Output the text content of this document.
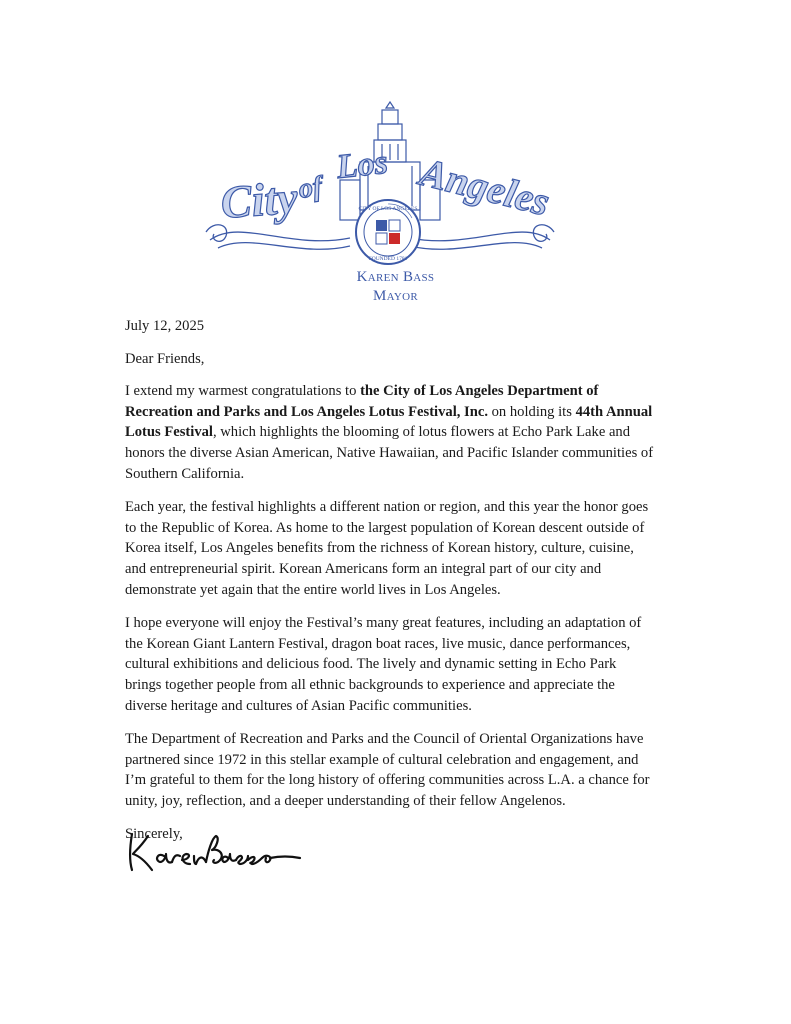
City
of
Los Angeles
CITY OF LOS ANGELES
FOUNDED 1781
Karen Bass
Mayor

July 12, 2025

Dear Friends,

I extend my warmest congratulations to the City of Los Angeles Department of Recreation and Parks and Los Angeles Lotus Festival, Inc. on holding its 44th Annual Lotus Festival, which highlights the blooming of lotus flowers at Echo Park Lake and honors the diverse Asian American, Native Hawaiian, and Pacific Islander communities of Southern California.

Each year, the festival highlights a different nation or region, and this year the honor goes to the Republic of Korea. As home to the largest population of Korean descent outside of Korea itself, Los Angeles benefits from the richness of Korean history, culture, cuisine, and entrepreneurial spirit. Korean Americans form an integral part of our city and demonstrate yet again that the entire world lives in Los Angeles.

I hope everyone will enjoy the Festival’s many great features, including an adaptation of the Korean Giant Lantern Festival, dragon boat races, live music, dance performances, cultural exhibitions and delicious food. The lively and dynamic setting in Echo Park brings together people from all ethnic backgrounds to experience and appreciate the diverse heritage and cultures of Asian Pacific communities.

The Department of Recreation and Parks and the Council of Oriental Organizations have partnered since 1972 in this stellar example of cultural celebration and engagement, and I’m grateful to them for the long history of offering communities across L.A. a chance for unity, joy, reflection, and a deeper understanding of their fellow Angelenos.

Sincerely,
